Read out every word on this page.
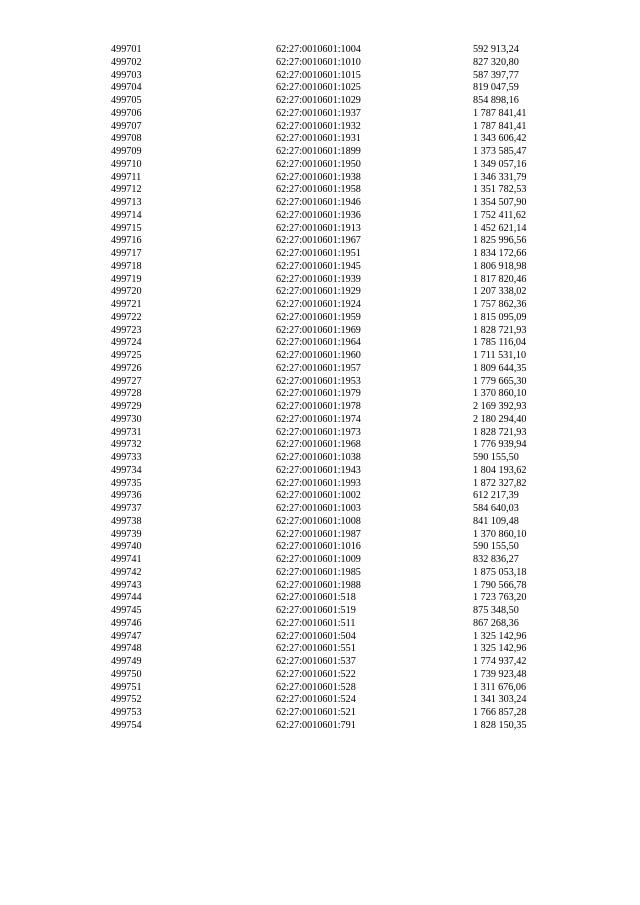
499701	62:27:0010601:1004	592 913,24
499702	62:27:0010601:1010	827 320,80
499703	62:27:0010601:1015	587 397,77
499704	62:27:0010601:1025	819 047,59
499705	62:27:0010601:1029	854 898,16
499706	62:27:0010601:1937	1 787 841,41
499707	62:27:0010601:1932	1 787 841,41
499708	62:27:0010601:1931	1 343 606,42
499709	62:27:0010601:1899	1 373 585,47
499710	62:27:0010601:1950	1 349 057,16
499711	62:27:0010601:1938	1 346 331,79
499712	62:27:0010601:1958	1 351 782,53
499713	62:27:0010601:1946	1 354 507,90
499714	62:27:0010601:1936	1 752 411,62
499715	62:27:0010601:1913	1 452 621,14
499716	62:27:0010601:1967	1 825 996,56
499717	62:27:0010601:1951	1 834 172,66
499718	62:27:0010601:1945	1 806 918,98
499719	62:27:0010601:1939	1 817 820,46
499720	62:27:0010601:1929	1 207 338,02
499721	62:27:0010601:1924	1 757 862,36
499722	62:27:0010601:1959	1 815 095,09
499723	62:27:0010601:1969	1 828 721,93
499724	62:27:0010601:1964	1 785 116,04
499725	62:27:0010601:1960	1 711 531,10
499726	62:27:0010601:1957	1 809 644,35
499727	62:27:0010601:1953	1 779 665,30
499728	62:27:0010601:1979	1 370 860,10
499729	62:27:0010601:1978	2 169 392,93
499730	62:27:0010601:1974	2 180 294,40
499731	62:27:0010601:1973	1 828 721,93
499732	62:27:0010601:1968	1 776 939,94
499733	62:27:0010601:1038	590 155,50
499734	62:27:0010601:1943	1 804 193,62
499735	62:27:0010601:1993	1 872 327,82
499736	62:27:0010601:1002	612 217,39
499737	62:27:0010601:1003	584 640,03
499738	62:27:0010601:1008	841 109,48
499739	62:27:0010601:1987	1 370 860,10
499740	62:27:0010601:1016	590 155,50
499741	62:27:0010601:1009	832 836,27
499742	62:27:0010601:1985	1 875 053,18
499743	62:27:0010601:1988	1 790 566,78
499744	62:27:0010601:518	1 723 763,20
499745	62:27:0010601:519	875 348,50
499746	62:27:0010601:511	867 268,36
499747	62:27:0010601:504	1 325 142,96
499748	62:27:0010601:551	1 325 142,96
499749	62:27:0010601:537	1 774 937,42
499750	62:27:0010601:522	1 739 923,48
499751	62:27:0010601:528	1 311 676,06
499752	62:27:0010601:524	1 341 303,24
499753	62:27:0010601:521	1 766 857,28
499754	62:27:0010601:791	1 828 150,35
